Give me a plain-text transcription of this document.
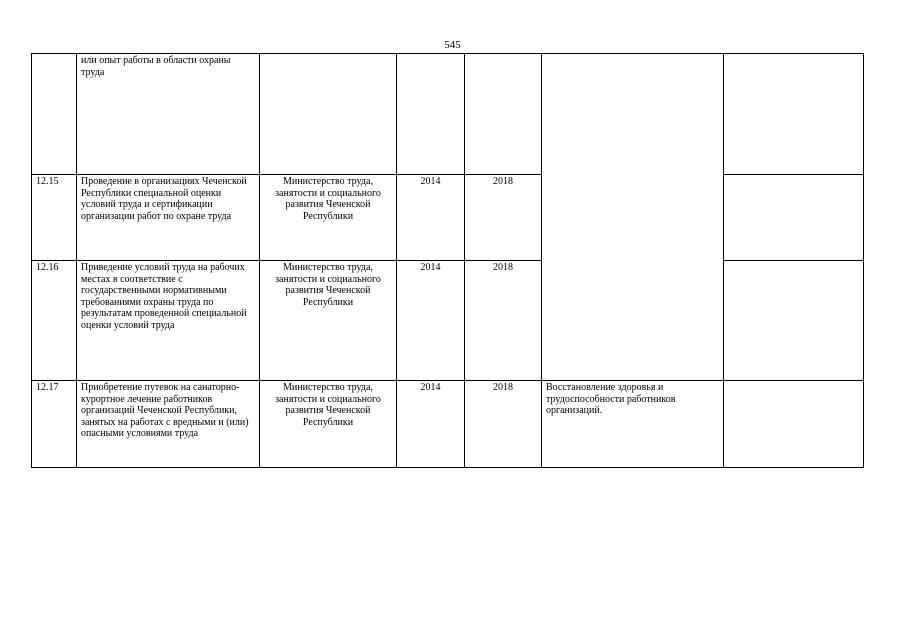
545
	или опыт работы в области охраны труда					
12.15	Проведение в организациях Чеченской Республики специальной оценки условий труда и сертификации организации работ по охране труда	Министерство труда, занятости и социального развития Чеченской Республики	2014	2018		
12.16	Приведение условий труда на рабочих местах в соответствие с государственными нормативными требованиями охраны труда по результатам проведенной специальной оценки условий труда	Министерство труда, занятости и социального развития Чеченской Республики	2014	2018		
12.17	Приобретение путевок на санаторно-курортное лечение работников организаций Чеченской Республики, занятых на работах с вредными и (или) опасными условиями труда	Министерство труда, занятости и социального развития Чеченской Республики	2014	2018	Восстановление здоровья и трудоспособности работников организаций.	
